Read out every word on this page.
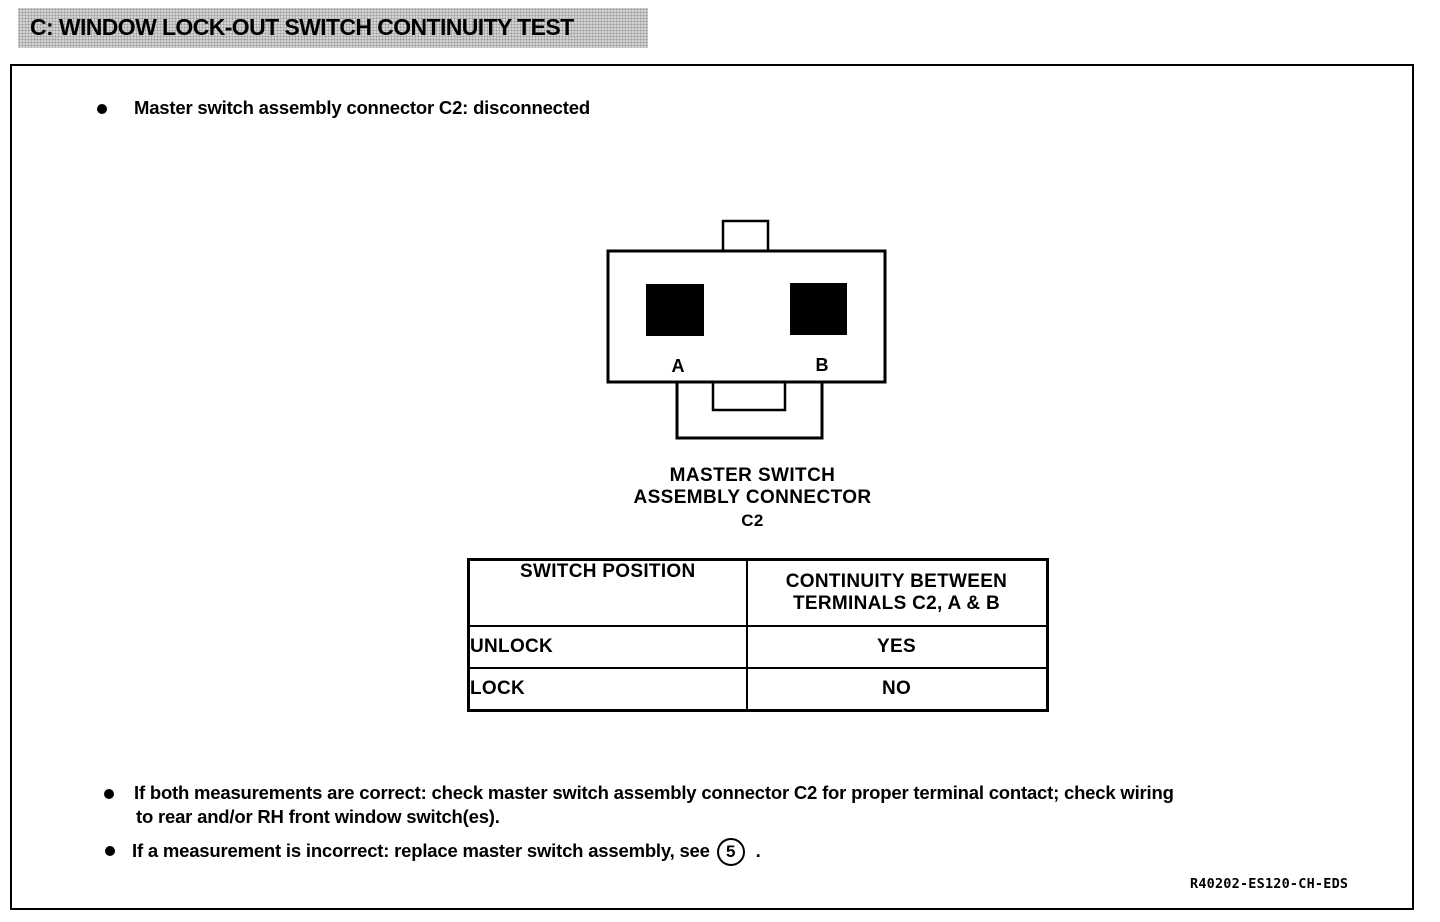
C: WINDOW LOCK-OUT SWITCH CONTINUITY TEST
Master switch assembly connector C2: disconnected
A	B
MASTER SWITCH
ASSEMBLY CONNECTOR
C2
SWITCH POSITION	CONTINUITY BETWEEN
TERMINALS C2, A & B

UNLOCK	YES
LOCK	NO
If both measurements are correct: check master switch assembly connector C2 for proper terminal contact; check wiring
to rear and/or RH front window switch(es).
If a measurement is incorrect: replace master switch assembly, see 5 .
R40202-ES120-CH-EDS
